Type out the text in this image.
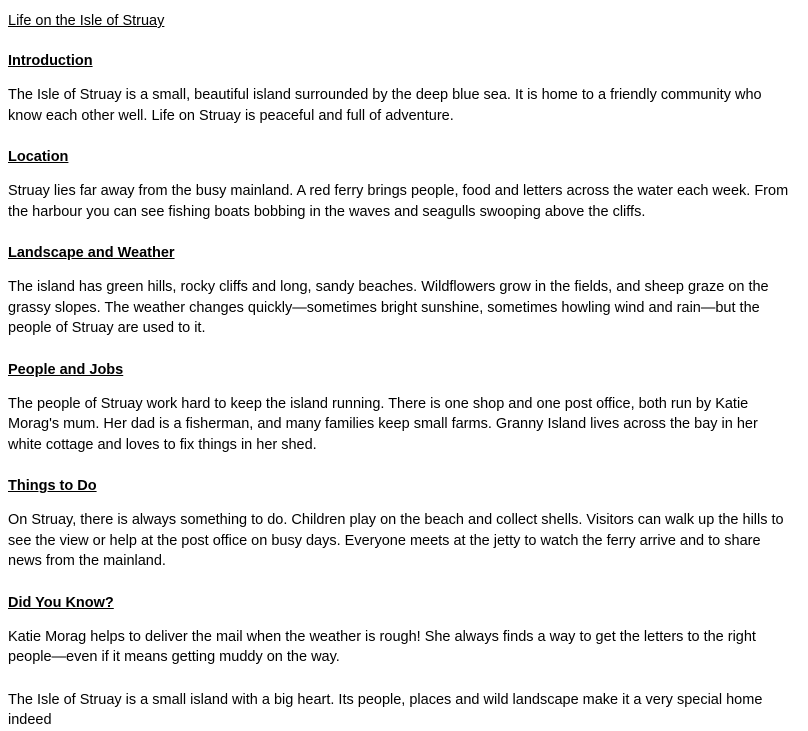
Life on the Isle of Struay
Introduction

The Isle of Struay is a small, beautiful island surrounded by the deep blue sea. It is home to a friendly community who know each other well. Life on Struay is peaceful and full of adventure.

Location

Struay lies far away from the busy mainland. A red ferry brings people, food and letters across the water each week. From the harbour you can see fishing boats bobbing in the waves and seagulls swooping above the cliffs.

Landscape and Weather

The island has green hills, rocky cliffs and long, sandy beaches. Wildflowers grow in the fields, and sheep graze on the grassy slopes. The weather changes quickly—sometimes bright sunshine, sometimes howling wind and rain—but the people of Struay are used to it.

People and Jobs

The people of Struay work hard to keep the island running. There is one shop and one post office, both run by Katie Morag's mum. Her dad is a fisherman, and many families keep small farms. Granny Island lives across the bay in her white cottage and loves to fix things in her shed.

Things to Do

On Struay, there is always something to do. Children play on the beach and collect shells. Visitors can walk up the hills to see the view or help at the post office on busy days. Everyone meets at the jetty to watch the ferry arrive and to share news from the mainland.

Did You Know?

Katie Morag helps to deliver the mail when the weather is rough! She always finds a way to get the letters to the right people—even if it means getting muddy on the way.

The Isle of Struay is a small island with a big heart. Its people, places and wild landscape make it a very special home indeed
